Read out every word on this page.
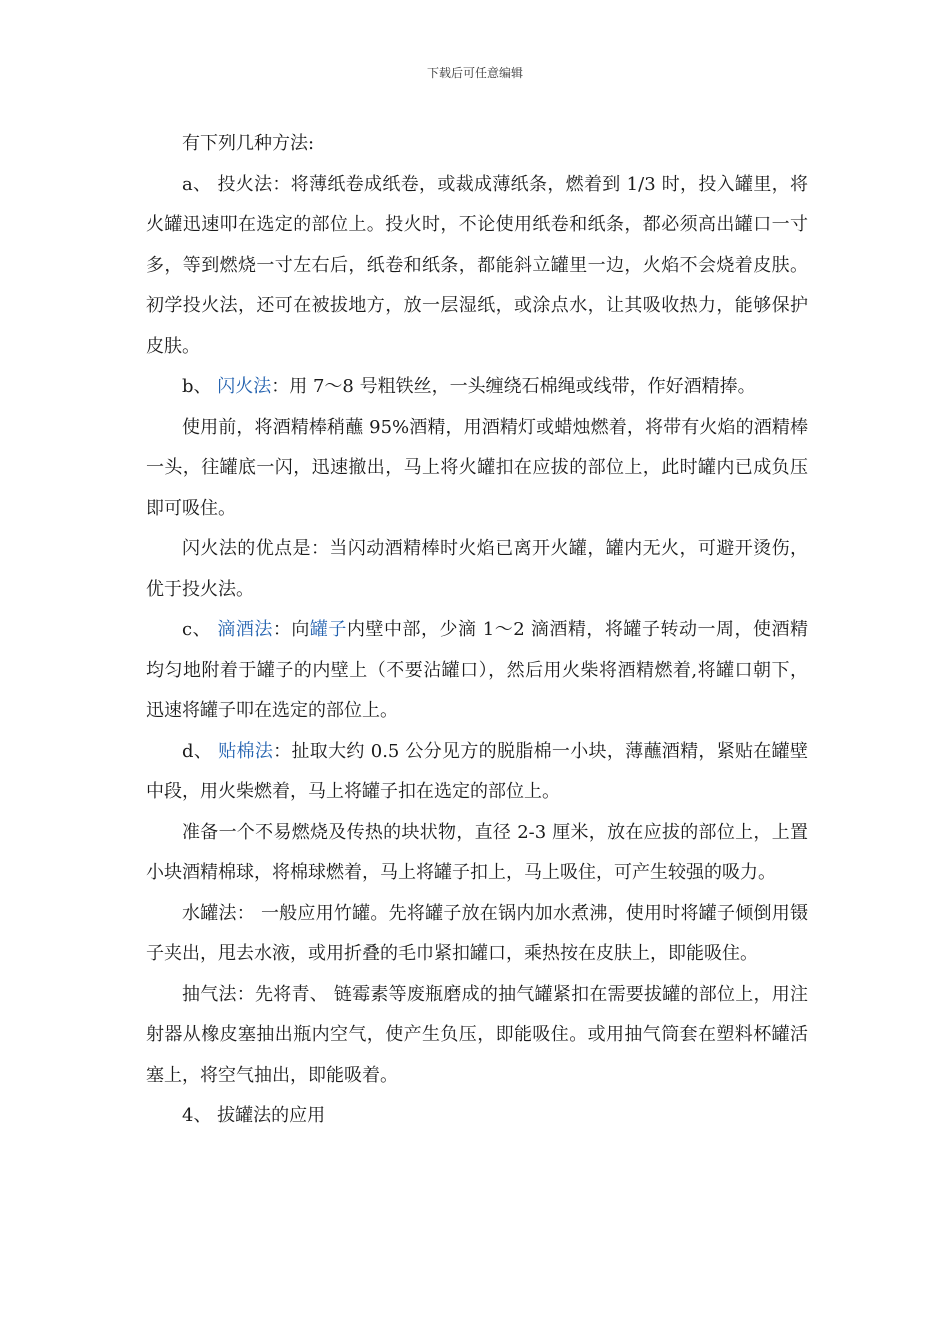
下载后可任意编辑

有下列几种方法:

a、 投火法：将薄纸卷成纸卷，或裁成薄纸条，燃着到 1/3 时，投入罐里，将火罐迅速叩在选定的部位上。投火时，不论使用纸卷和纸条，都必须高出罐口一寸多，等到燃烧一寸左右后，纸卷和纸条，都能斜立罐里一边，火焰不会烧着皮肤。初学投火法，还可在被拔地方，放一层湿纸，或涂点水，让其吸收热力，能够保护皮肤。

b、 闪火法：用 7～8 号粗铁丝，一头缠绕石棉绳或线带，作好酒精捧。

使用前，将酒精棒稍蘸 95%酒精，用酒精灯或蜡烛燃着，将带有火焰的酒精棒一头，往罐底一闪，迅速撤出，马上将火罐扣在应拔的部位上，此时罐内已成负压即可吸住。

闪火法的优点是：当闪动酒精棒时火焰已离开火罐，罐内无火，可避开烫伤，优于投火法。

c、 滴酒法：向罐子内壁中部，少滴 1～2 滴酒精，将罐子转动一周，使酒精均匀地附着于罐子的内壁上（不要沾罐口），然后用火柴将酒精燃着,将罐口朝下，迅速将罐子叩在选定的部位上。

d、 贴棉法：扯取大约 0.5 公分见方的脱脂棉一小块，薄蘸酒精，紧贴在罐壁中段，用火柴燃着，马上将罐子扣在选定的部位上。

准备一个不易燃烧及传热的块状物，直径 2-3 厘米，放在应拔的部位上，上置小块酒精棉球，将棉球燃着，马上将罐子扣上，马上吸住，可产生较强的吸力。

水罐法： 一般应用竹罐。先将罐子放在锅内加水煮沸，使用时将罐子倾倒用镊子夹出，甩去水液，或用折叠的毛巾紧扣罐口，乘热按在皮肤上，即能吸住。

抽气法：先将青、 链霉素等废瓶磨成的抽气罐紧扣在需要拔罐的部位上，用注射器从橡皮塞抽出瓶内空气，使产生负压，即能吸住。或用抽气筒套在塑料杯罐活塞上，将空气抽出，即能吸着。

4、 拔罐法的应用
